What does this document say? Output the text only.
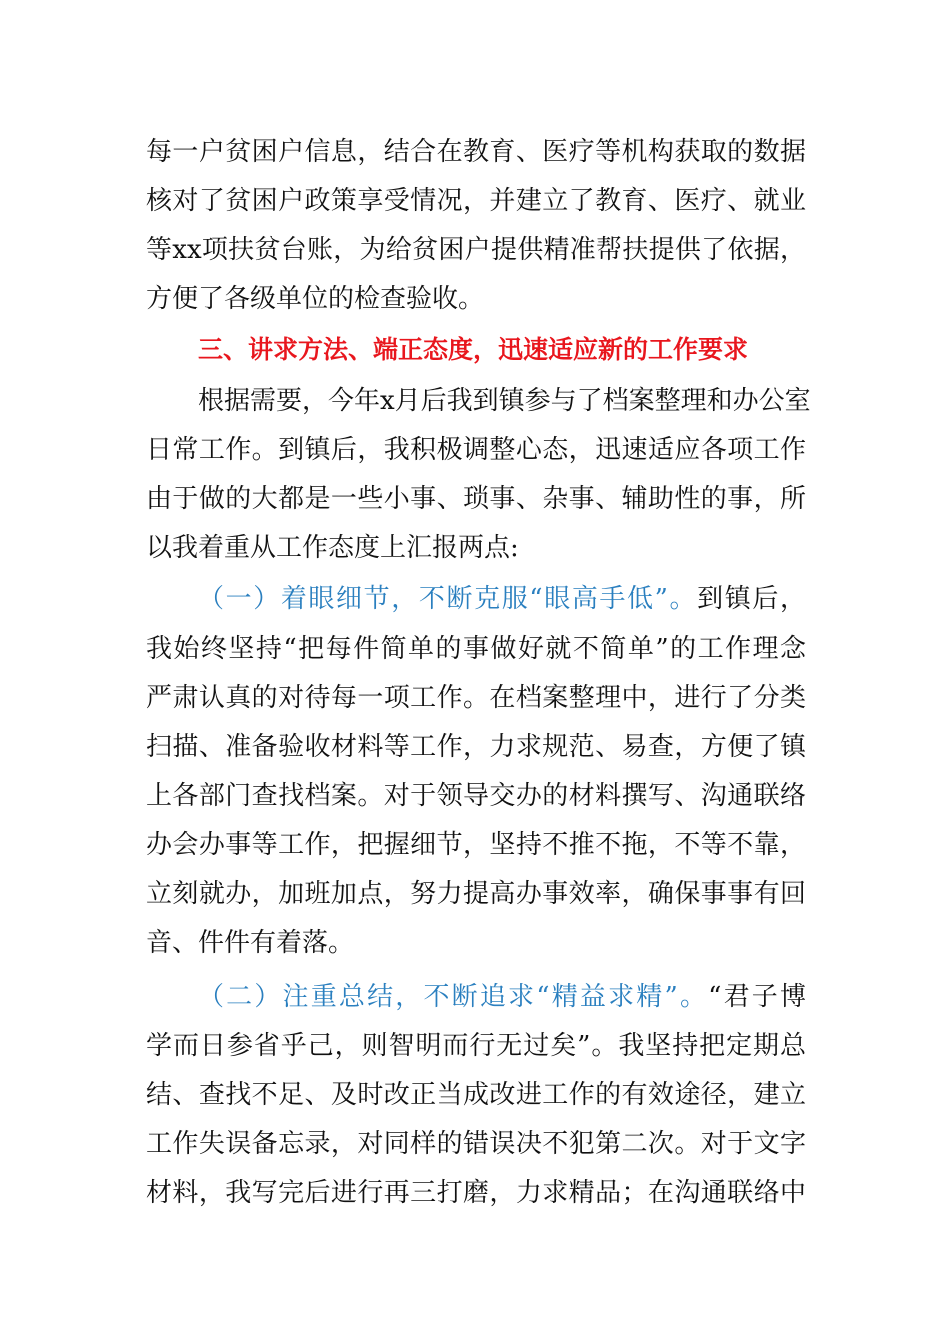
每一户贫困户信息，结合在教育、医疗等机构获取的数据
核对了贫困户政策享受情况，并建立了教育、医疗、就业
等xx项扶贫台账，为给贫困户提供精准帮扶提供了依据，
方便了各级单位的检查验收。
三、讲求方法、端正态度，迅速适应新的工作要求
根据需要，今年x月后我到镇参与了档案整理和办公室
日常工作。到镇后，我积极调整心态，迅速适应各项工作
由于做的大都是一些小事、琐事、杂事、辅助性的事，所
以我着重从工作态度上汇报两点:
（一）着眼细节，不断克服“眼高手低”。到镇后，
我始终坚持“把每件简单的事做好就不简单”的工作理念
严肃认真的对待每一项工作。在档案整理中，进行了分类
扫描、准备验收材料等工作，力求规范、易查，方便了镇
上各部门查找档案。对于领导交办的材料撰写、沟通联络
办会办事等工作，把握细节，坚持不推不拖，不等不靠，
立刻就办，加班加点，努力提高办事效率，确保事事有回
音、件件有着落。
（二）注重总结，不断追求“精益求精”。“君子博
学而日参省乎己，则智明而行无过矣”。我坚持把定期总
结、查找不足、及时改正当成改进工作的有效途径，建立
工作失误备忘录，对同样的错误决不犯第二次。对于文字
材料，我写完后进行再三打磨，力求精品；在沟通联络中
